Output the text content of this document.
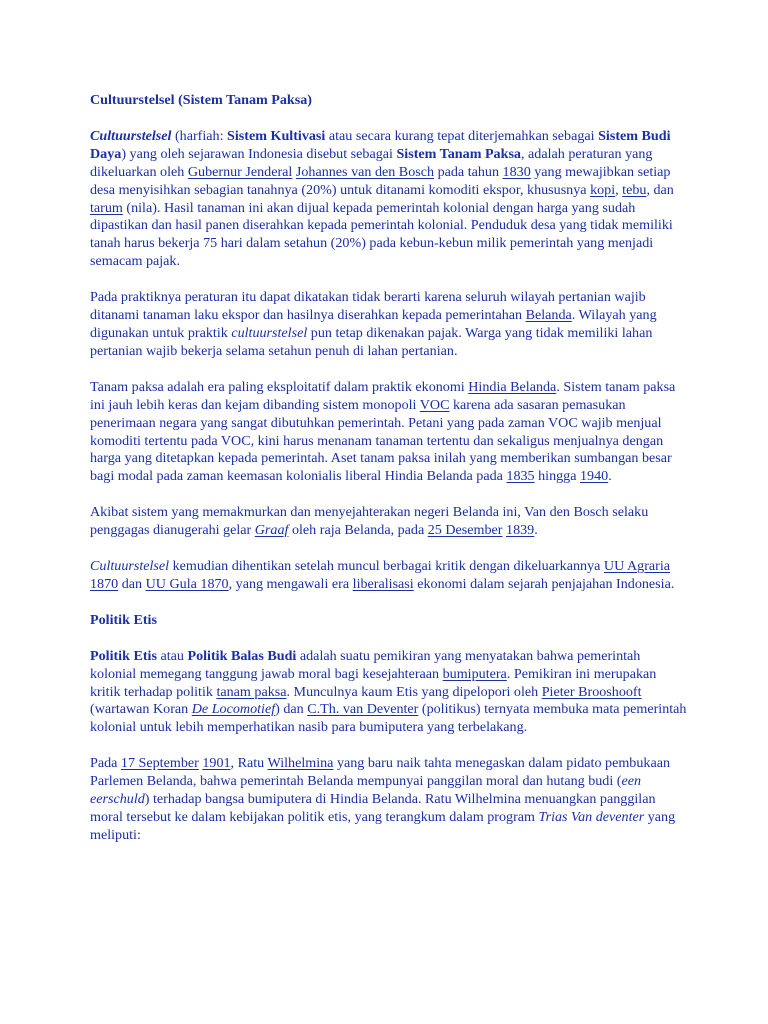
Cultuurstelsel (Sistem Tanam Paksa)

Cultuurstelsel (harfiah: Sistem Kultivasi atau secara kurang tepat diterjemahkan sebagai Sistem Budi Daya) yang oleh sejarawan Indonesia disebut sebagai Sistem Tanam Paksa, adalah peraturan yang dikeluarkan oleh Gubernur Jenderal Johannes van den Bosch pada tahun 1830 yang mewajibkan setiap desa menyisihkan sebagian tanahnya (20%) untuk ditanami komoditi ekspor, khususnya kopi, tebu, dan tarum (nila). Hasil tanaman ini akan dijual kepada pemerintah kolonial dengan harga yang sudah dipastikan dan hasil panen diserahkan kepada pemerintah kolonial. Penduduk desa yang tidak memiliki tanah harus bekerja 75 hari dalam setahun (20%) pada kebun-kebun milik pemerintah yang menjadi semacam pajak.

Pada praktiknya peraturan itu dapat dikatakan tidak berarti karena seluruh wilayah pertanian wajib ditanami tanaman laku ekspor dan hasilnya diserahkan kepada pemerintahan Belanda. Wilayah yang digunakan untuk praktik cultuurstelsel pun tetap dikenakan pajak. Warga yang tidak memiliki lahan pertanian wajib bekerja selama setahun penuh di lahan pertanian.

Tanam paksa adalah era paling eksploitatif dalam praktik ekonomi Hindia Belanda. Sistem tanam paksa ini jauh lebih keras dan kejam dibanding sistem monopoli VOC karena ada sasaran pemasukan penerimaan negara yang sangat dibutuhkan pemerintah. Petani yang pada zaman VOC wajib menjual komoditi tertentu pada VOC, kini harus menanam tanaman tertentu dan sekaligus menjualnya dengan harga yang ditetapkan kepada pemerintah. Aset tanam paksa inilah yang memberikan sumbangan besar bagi modal pada zaman keemasan kolonialis liberal Hindia Belanda pada 1835 hingga 1940.

Akibat sistem yang memakmurkan dan menyejahterakan negeri Belanda ini, Van den Bosch selaku penggagas dianugerahi gelar Graaf oleh raja Belanda, pada 25 Desember 1839.

Cultuurstelsel kemudian dihentikan setelah muncul berbagai kritik dengan dikeluarkannya UU Agraria 1870 dan UU Gula 1870, yang mengawali era liberalisasi ekonomi dalam sejarah penjajahan Indonesia.

Politik Etis

Politik Etis atau Politik Balas Budi adalah suatu pemikiran yang menyatakan bahwa pemerintah kolonial memegang tanggung jawab moral bagi kesejahteraan bumiputera. Pemikiran ini merupakan kritik terhadap politik tanam paksa. Munculnya kaum Etis yang dipelopori oleh Pieter Brooshooft (wartawan Koran De Locomotief) dan C.Th. van Deventer (politikus) ternyata membuka mata pemerintah kolonial untuk lebih memperhatikan nasib para bumiputera yang terbelakang.

Pada 17 September 1901, Ratu Wilhelmina yang baru naik tahta menegaskan dalam pidato pembukaan Parlemen Belanda, bahwa pemerintah Belanda mempunyai panggilan moral dan hutang budi (een eerschuld) terhadap bangsa bumiputera di Hindia Belanda. Ratu Wilhelmina menuangkan panggilan moral tersebut ke dalam kebijakan politik etis, yang terangkum dalam program Trias Van deventer yang meliputi:
